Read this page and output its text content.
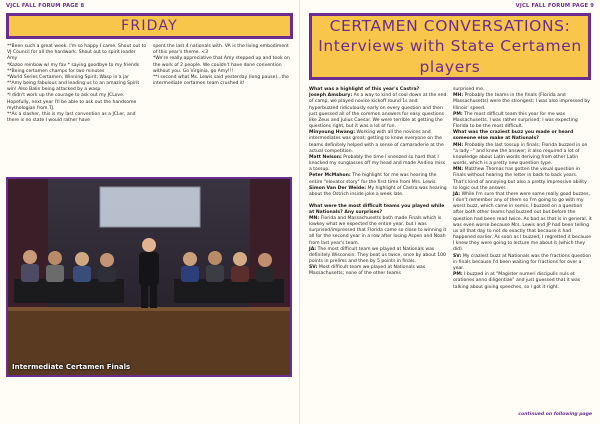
VJCL FALL FORUM PAGE 8
FRIDAY

**Been such a great week. I'm so happy I came. Shout out to VJ Council for all the hardwork. Shout out to spirit leader Amy

*Kazoo reinbow w/ my fav * saying goodbye to my friends

**Being certamen champs for two minutes

*World Series Certamen; Winning Spirit; Wasp in a jar

**Amy being fabulous and leading us to an amazing Spirit win! Also Balin being attacked by a wasp

*I didn't work up the courage to ask out my JCLove. Hopefully, next year I'll be able to ask out the handsome mythologian from TJ.

**As a slasher, this is my last convention as a JCLer, and there is no state I would rather have

spent the last 4 nationals with. VA is the living embodiment of this year's theme. <3

*We're really appreciative that Amy stepped up and took on the work of 2 people. We couldn't have done convention without you. Go Virginia, go Amy!!!

**I second what Ms. Lewis said yesterday (long pause)...the intermediate certamen team crushed it!

Intermediate Certamen Finals
VJCL FALL FORUM PAGE 9
CERTAMEN CONVERSATIONS:
Interviews with State Certamen
players

What was a highlight of this year's Castra?

Joseph Amsbury: As a way to kind of cool down at the end of camp, we played novice kickoff round 1s and hyperbuzzed ridiculously early on every question and then just guessed all of the common answers for easy questions like Zeus and Julius Caesar. We were terrible at getting the questions right, but it was a lot of fun.

Minyoung Hwang: Working with all the novices and intermediates was great; getting to know everyone on the teams definitely helped with a sense of camaraderie at the actual competition.

Matt Nelson: Probably the time I sneezed so hard that I knocked my sunglasses off my head and made Andino miss a tossup.

Peter McMahon: The highlight for me was hearing the entire "elevator story" for the first time from Mrs. Lewis.

Simon Van Der Weide: My highlight of Castra was hearing about the Ostrich inside joke a week late.

What were the most difficult teams you played while at Nationals? Any surprises?

MN: Florida and Massachusetts both made Finals which is lowkey what we expected the entire year, but I was surprised/impressed that Florida came so close to winning it all for the second year in a row after losing Aspen and Noah from last year's team.

JA: The most difficult team we played at Nationals was definitely Wisconsin. They beat us twice, once by about 100 points in prelims and then by 5 points in finals.

SV: Most difficult team we played at Nationals was Massachusetts; none of the other teams

surprised me.

MH: Probably the teams in the finals (Florida and Massachusetts) were the strongest; I was also impressed by Illinois' speed.

PM: The most difficult team this year for me was Massachusetts. I was rather surprised; I was expecting Florida to be the most difficult.

What was the craziest buzz you made or heard someone else make at Nationals?

MH: Probably the last tossup in finals; Florida buzzed in on "a lady –" and knew the answer; it also required a lot of knowledge about Latin words deriving from other Latin words, which is a pretty new question type.

MN: Matthew Thomas has gotten the visual question in Finals without hearing the letter in back to back years. That's kind of annoying but also a pretty impressive ability to logic out the answer.

JA: While I'm sure that there were some really good buzzes, I don't remember any of them so I'm going to go with my worst buzz, which came in semis. I buzzed on a question after both other teams had buzzed out but before the question had been read twice. As bad as that is in general, it was even worse because Mrs. Lewis and JP had been telling us all that day to not do exactly that because it had happened earlier. As soon as I buzzed, I regretted it because I knew they were going to lecture me about it (which they did).

SV: My craziest buzz at Nationals was the fractions question in finals because I'd been waiting for fractions for over a year.

PM: I buzzed in at "Magister numeri discipulis nuls et orationes anno diligentiae" and just guessed that it was talking about giving speeches, so I got it right.

continued on following page
